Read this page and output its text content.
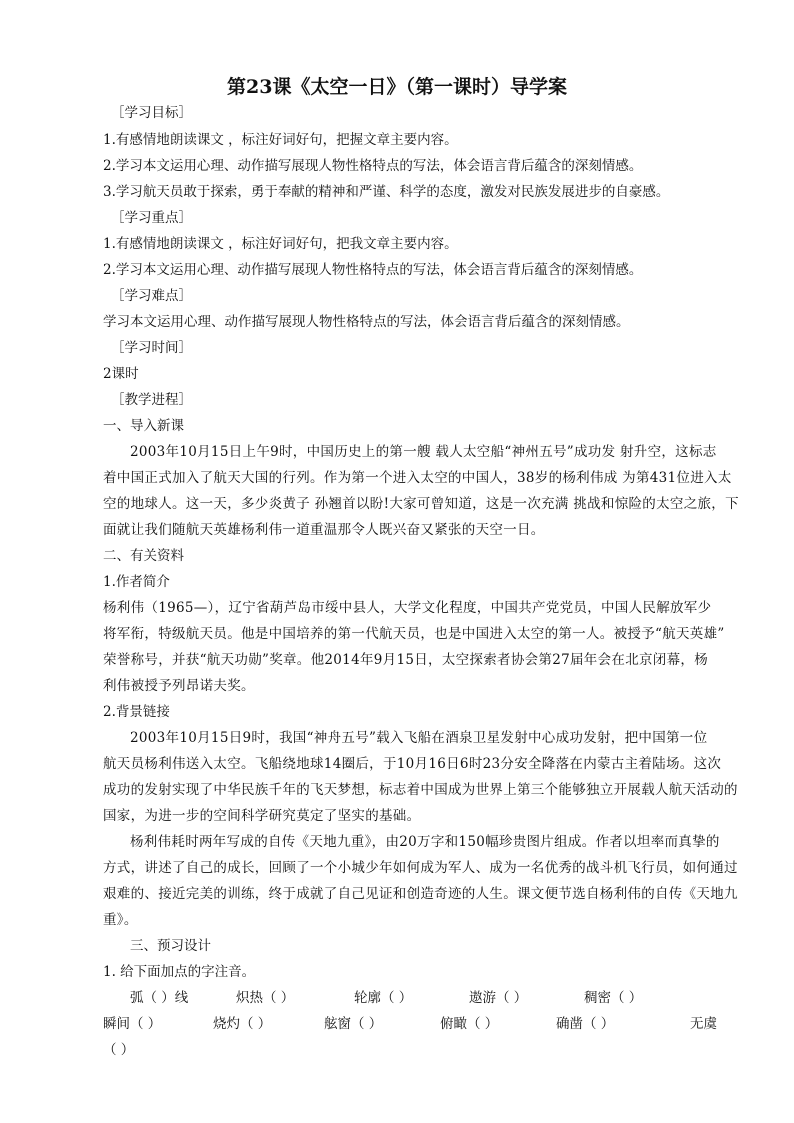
第23课《太空一日》（第一课时）导学案
［学习目标］
1.有感情地朗读课文 ，标注好词好句，把握文章主要内容。
2.学习本文运用心理、动作描写展现人物性格特点的写法，体会语言背后蕴含的深刻情感。
3.学习航天员敢于探索，勇于奉献的精神和严谨、科学的态度，激发对民族发展进步的自豪感。
［学习重点］
1.有感情地朗读课文 ，标注好词好句，把我文章主要内容。
2.学习本文运用心理、动作描写展现人物性格特点的写法，体会语言背后蕴含的深刻情感。
［学习难点］
学习本文运用心理、动作描写展现人物性格特点的写法，体会语言背后蕴含的深刻情感。
［学习时间］
2课时
［教学进程］
一、导入新课
2003年10月15日上午9时，中国历史上的第一艘 载人太空船“神州五号”成功发 射升空，这标志
着中国正式加入了航天大国的行列。作为第一个进入太空的中国人，38岁的杨利伟成 为第431位进入太
空的地球人。这一天，多少炎黄子 孙翘首以盼!大家可曾知道，这是一次充满 挑战和惊险的太空之旅，下
面就让我们随航天英雄杨利伟一道重温那令人既兴奋又紧张的天空一日。
二、有关资料
1.作者简介
杨利伟（1965—），辽宁省葫芦岛市绥中县人，大学文化程度，中国共产党党员，中国人民解放军少
将军衔，特级航天员。他是中国培养的第一代航天员，也是中国进入太空的第一人。被授予“航天英雄”
荣誉称号，并获“航天功勋”奖章。他2014年9月15日，太空探索者协会第27届年会在北京闭幕，杨
利伟被授予列昂诺夫奖。
2.背景链接
2003年10月15日9时，我国“神舟五号”载入飞船在酒泉卫星发射中心成功发射，把中国第一位
航天员杨利伟送入太空。飞船绕地球14圈后，于10月16日6时23分安全降落在内蒙古主着陆场。这次
成功的发射实现了中华民族千年的飞天梦想，标志着中国成为世界上第三个能够独立开展载人航天活动的
国家，为进一步的空间科学研究莫定了坚实的基础。
杨利伟耗时两年写成的自传《天地九重》，由20万字和150幅珍贵图片组成。作者以坦率而真挚的
方式，讲述了自己的成长，回顾了一个小城少年如何成为军人、成为一名优秀的战斗机飞行员，如何通过
艰难的、接近完美的训练，终于成就了自己见证和创造奇迹的人生。课文便节选自杨利伟的自传《天地九
重》。
三、预习设计
1. 给下面加点的字注音。
弧（ ）线	炽热（ ）	轮廓（ ）	遨游（ ）	稠密（ ）
瞬间（ ）	烧灼（ ）	舷窗（ ）	俯瞰（ ）	确凿（ ）	无虞
（ ）
